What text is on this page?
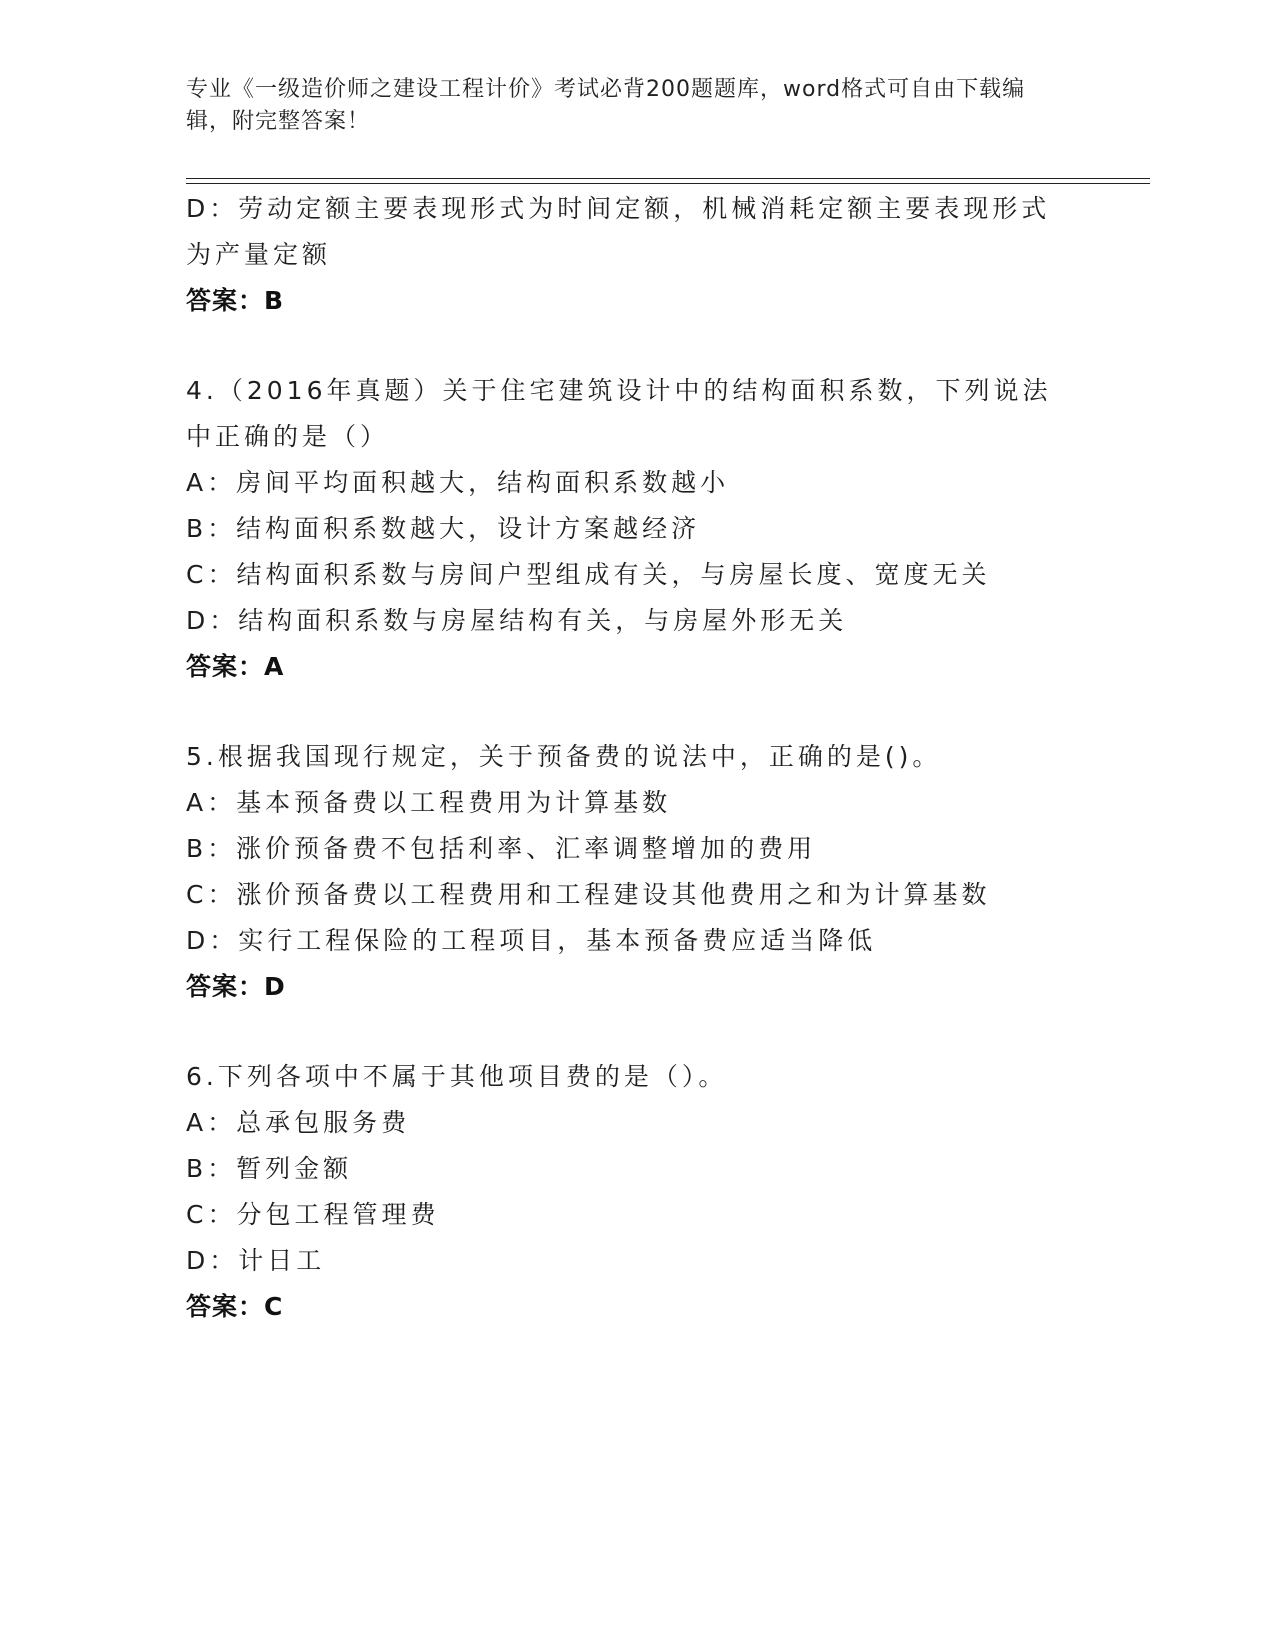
专业《一级造价师之建设工程计价》考试必背200题题库，word格式可自由下载编辑，附完整答案！
D：劳动定额主要表现形式为时间定额，机械消耗定额主要表现形式为产量定额
答案：B
4.（2016年真题）关于住宅建筑设计中的结构面积系数，下列说法中正确的是（）
A：房间平均面积越大，结构面积系数越小
B：结构面积系数越大，设计方案越经济
C：结构面积系数与房间户型组成有关，与房屋长度、宽度无关
D：结构面积系数与房屋结构有关，与房屋外形无关
答案：A
5.根据我国现行规定，关于预备费的说法中，正确的是()。
A：基本预备费以工程费用为计算基数
B：涨价预备费不包括利率、汇率调整增加的费用
C：涨价预备费以工程费用和工程建设其他费用之和为计算基数
D：实行工程保险的工程项目，基本预备费应适当降低
答案：D
6.下列各项中不属于其他项目费的是（）。
A：总承包服务费
B：暂列金额
C：分包工程管理费
D：计日工
答案：C
